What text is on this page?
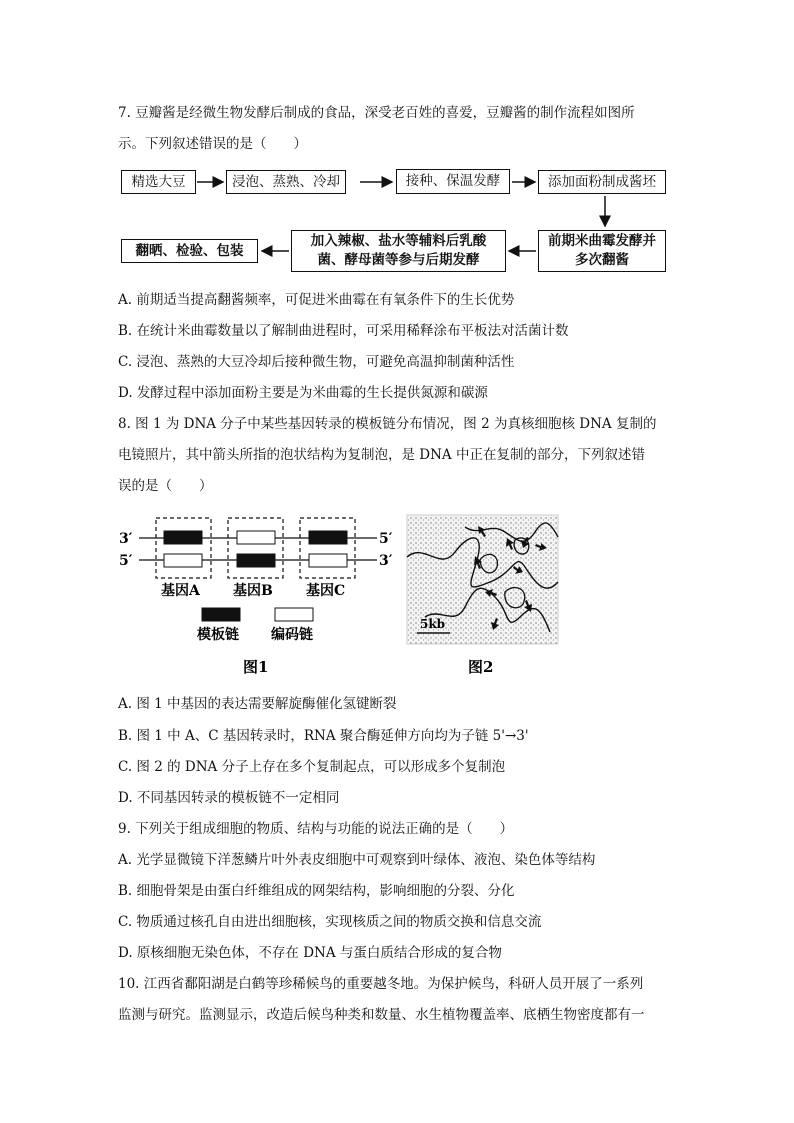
7. 豆瓣酱是经微生物发酵后制成的食品，深受老百姓的喜爱，豆瓣酱的制作流程如图所
示。下列叙述错误的是（　　）
精选大豆	浸泡、蒸熟、冷却	接种、保温发酵	添加面粉制成酱坯
前期米曲霉发酵并
多次翻酱
加入辣椒、盐水等辅料后乳酸
菌、酵母菌等参与后期发酵
翻晒、检验、包装
A. 前期适当提高翻酱频率，可促进米曲霉在有氧条件下的生长优势
B. 在统计米曲霉数量以了解制曲进程时，可采用稀释涂布平板法对活菌计数
C. 浸泡、蒸熟的大豆冷却后接种微生物，可避免高温抑制菌种活性
D. 发酵过程中添加面粉主要是为米曲霉的生长提供氮源和碳源
8. 图 1 为 DNA 分子中某些基因转录的模板链分布情况，图 2 为真核细胞核 DNA 复制的
电镜照片，其中箭头所指的泡状结构为复制泡，是 DNA 中正在复制的部分，下列叙述错
误的是（　　）
3′
5′
5′
3′
基因A 基因B 基因C
模板链 编码链
图1
5kb
图2
A. 图 1 中基因的表达需要解旋酶催化氢键断裂
B. 图 1 中 A、C 基因转录时，RNA 聚合酶延伸方向均为子链 5'→3'
C. 图 2 的 DNA 分子上存在多个复制起点，可以形成多个复制泡
D. 不同基因转录的模板链不一定相同
9. 下列关于组成细胞的物质、结构与功能的说法正确的是（　　）
A. 光学显微镜下洋葱鳞片叶外表皮细胞中可观察到叶绿体、液泡、染色体等结构
B. 细胞骨架是由蛋白纤维组成的网架结构，影响细胞的分裂、分化
C. 物质通过核孔自由进出细胞核，实现核质之间的物质交换和信息交流
D. 原核细胞无染色体，不存在 DNA 与蛋白质结合形成的复合物
10. 江西省鄱阳湖是白鹤等珍稀候鸟的重要越冬地。为保护候鸟，科研人员开展了一系列
监测与研究。监测显示，改造后候鸟种类和数量、水生植物覆盖率、底栖生物密度都有一
